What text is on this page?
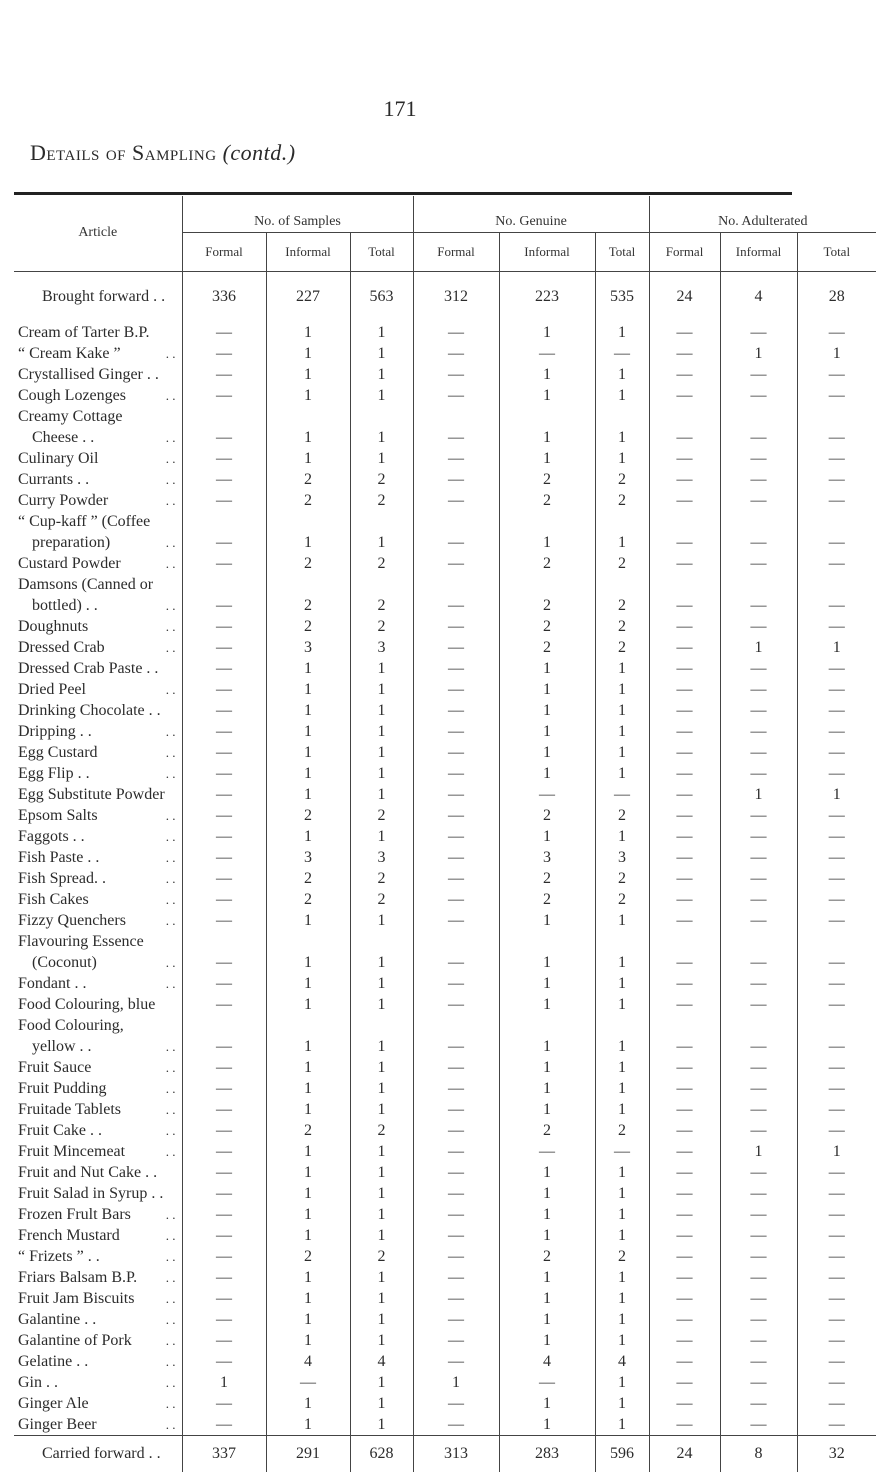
171
Details of Sampling (contd.)
Article	No. of Samples			No. Genuine			No. Adulterated		
	Formal	Informal	Total	Formal	Informal	Total	Formal	Informal	Total
Brought forward . .	336	227	563	312	223	535	24	4	28
Cream of Tarter B.P.	—	1	1	—	1	1	—	—	—
“ Cream Kake ” . .	—	1	1	—	—	—	—	1	1
Crystallised Ginger . .	—	1	1	—	1	1	—	—	—
Cough Lozenges . .	—	1	1	—	1	1	—	—	—
Creamy Cottage									
Cheese . . . .	—	1	1	—	1	1	—	—	—
Culinary Oil . .	—	1	1	—	1	1	—	—	—
Currants . . . .	—	2	2	—	2	2	—	—	—
Curry Powder . .	—	2	2	—	2	2	—	—	—
“ Cup-kaff ” (Coffee									
preparation) . .	—	1	1	—	1	1	—	—	—
Custard Powder . .	—	2	2	—	2	2	—	—	—
Damsons (Canned or									
bottled) . . . .	—	2	2	—	2	2	—	—	—
Doughnuts . .	—	2	2	—	2	2	—	—	—
Dressed Crab . .	—	3	3	—	2	2	—	1	1
Dressed Crab Paste . .	—	1	1	—	1	1	—	—	—
Dried Peel . .	—	1	1	—	1	1	—	—	—
Drinking Chocolate . .	—	1	1	—	1	1	—	—	—
Dripping . . . .	—	1	1	—	1	1	—	—	—
Egg Custard . .	—	1	1	—	1	1	—	—	—
Egg Flip . . . .	—	1	1	—	1	1	—	—	—
Egg Substitute Powder	—	1	1	—	—	—	—	1	1
Epsom Salts . .	—	2	2	—	2	2	—	—	—
Faggots . . . .	—	1	1	—	1	1	—	—	—
Fish Paste . . . .	—	3	3	—	3	3	—	—	—
Fish Spread. . . .	—	2	2	—	2	2	—	—	—
Fish Cakes . .	—	2	2	—	2	2	—	—	—
Fizzy Quenchers . .	—	1	1	—	1	1	—	—	—
Flavouring Essence									
(Coconut) . .	—	1	1	—	1	1	—	—	—
Fondant . . . .	—	1	1	—	1	1	—	—	—
Food Colouring, blue	—	1	1	—	1	1	—	—	—
Food Colouring,									
yellow . . . .	—	1	1	—	1	1	—	—	—
Fruit Sauce . .	—	1	1	—	1	1	—	—	—
Fruit Pudding . .	—	1	1	—	1	1	—	—	—
Fruitade Tablets . .	—	1	1	—	1	1	—	—	—
Fruit Cake . . . .	—	2	2	—	2	2	—	—	—
Fruit Mincemeat . .	—	1	1	—	—	—	—	1	1
Fruit and Nut Cake . .	—	1	1	—	1	1	—	—	—
Fruit Salad in Syrup . .	—	1	1	—	1	1	—	—	—
Frozen Frult Bars . .	—	1	1	—	1	1	—	—	—
French Mustard . .	—	1	1	—	1	1	—	—	—
“ Frizets ” . . . .	—	2	2	—	2	2	—	—	—
Friars Balsam B.P. . .	—	1	1	—	1	1	—	—	—
Fruit Jam Biscuits . .	—	1	1	—	1	1	—	—	—
Galantine . . . .	—	1	1	—	1	1	—	—	—
Galantine of Pork . .	—	1	1	—	1	1	—	—	—
Gelatine . . . .	—	4	4	—	4	4	—	—	—
Gin . . . .	1	—	1	1	—	1	—	—	—
Ginger Ale . .	—	1	1	—	1	1	—	—	—
Ginger Beer . .	—	1	1	—	1	1	—	—	—
Carried forward . .	337	291	628	313	283	596	24	8	32
